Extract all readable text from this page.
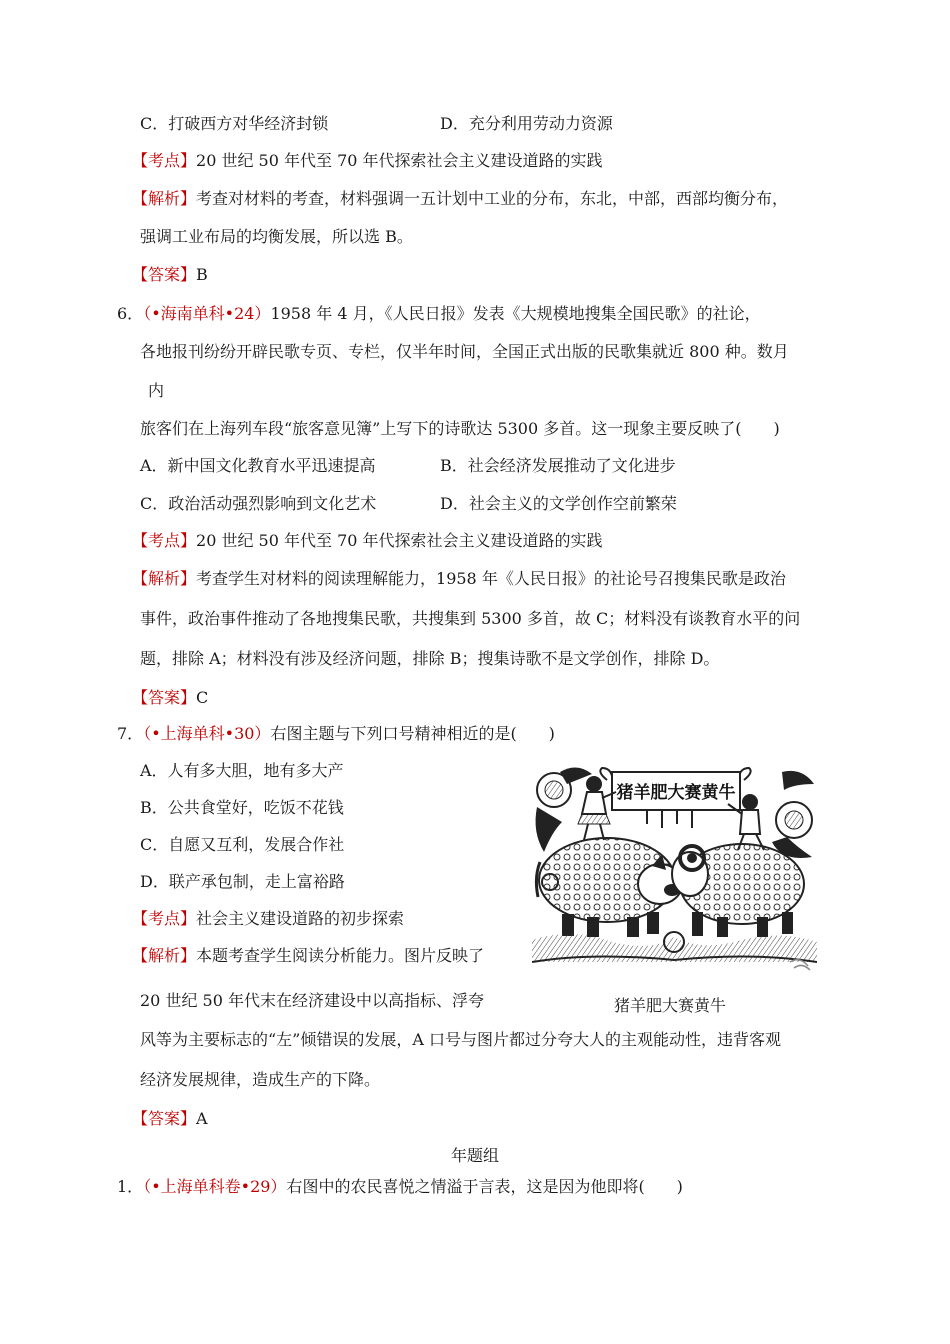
C．打破西方对华经济封锁	D．充分利用劳动力资源
【考点】20 世纪 50 年代至 70 年代探索社会主义建设道路的实践
【解析】考查对材料的考查，材料强调一五计划中工业的分布，东北，中部，西部均衡分布，
强调工业布局的均衡发展，所以选 B。
【答案】B
6．（•海南单科•24）1958 年 4 月，《人民日报》发表《大规模地搜集全国民歌》的社论，
各地报刊纷纷开辟民歌专页、专栏，仅半年时间，全国正式出版的民歌集就近 800 种。数月
内
旅客们在上海列车段“旅客意见簿”上写下的诗歌达 5300 多首。这一现象主要反映了(　　)
A．新中国文化教育水平迅速提高	B．社会经济发展推动了文化进步
C．政治活动强烈影响到文化艺术	D．社会主义的文学创作空前繁荣
【考点】20 世纪 50 年代至 70 年代探索社会主义建设道路的实践
【解析】考查学生对材料的阅读理解能力，1958 年《人民日报》的社论号召搜集民歌是政治
事件，政治事件推动了各地搜集民歌，共搜集到 5300 多首，故 C；材料没有谈教育水平的问
题，排除 A；材料没有涉及经济问题，排除 B；搜集诗歌不是文学创作，排除 D。
【答案】C
7．（•上海单科•30）右图主题与下列口号精神相近的是(　　)
A．人有多大胆，地有多大产
B．公共食堂好，吃饭不花钱
C．自愿又互利，发展合作社
D．联产承包制，走上富裕路
【考点】社会主义建设道路的初步探索
【解析】本题考查学生阅读分析能力。图片反映了
20 世纪 50 年代末在经济建设中以高指标、浮夸
风等为主要标志的“左”倾错误的发展，A 口号与图片都过分夸大人的主观能动性，违背客观
经济发展规律，造成生产的下降。
【答案】A
猪羊肥大赛黄牛
猪羊肥大赛黄牛
年题组
1．（•上海单科卷•29）右图中的农民喜悦之情溢于言表，这是因为他即将(　　)
